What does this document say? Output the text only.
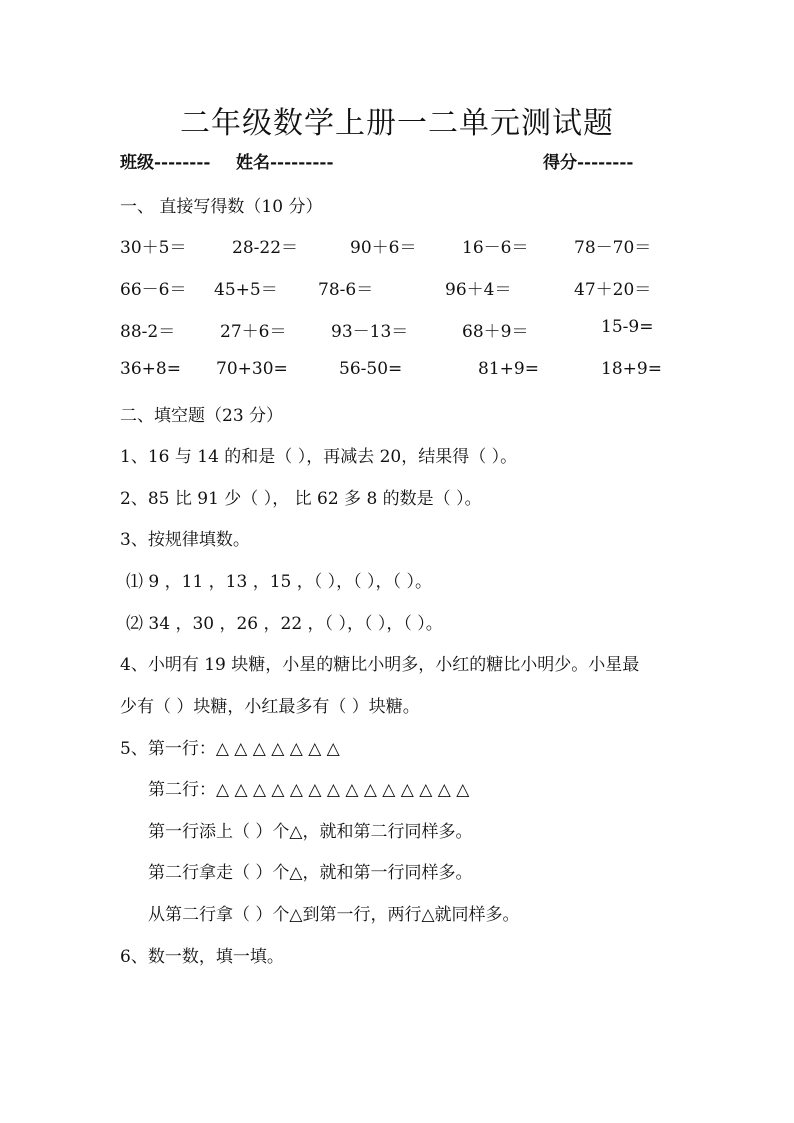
二年级数学上册一二单元测试题
班级-------- 姓名---------	得分--------
一、 直接写得数（10 分）
30＋5＝	28-22＝	90＋6＝	16－6＝	78－70＝
66－6＝ 45+5＝ 78-6＝	96＋4＝	47＋20＝
88-2＝	27＋6＝	93－13＝	68＋9＝	15-9=
36+8= 70+30=	56-50=	81+9=	18+9=
二、填空题（23 分）
1、16 与 14 的和是（ ），再减去 20，结果得（ ）。
2、85 比 91 少（ ）， 比 62 多 8 的数是（ ）。
3、按规律填数。
⑴ 9 ，11 ，13 ，15 ，（ ），（ ），（ ）。
⑵ 34 ，30 ，26 ，22 ，（ ），（ ），（ ）。
4、小明有 19 块糖，小星的糖比小明多，小红的糖比小明少。小星最
少有（ ）块糖，小红最多有（ ）块糖。
5、第一行：△ △ △ △ △ △ △
第二行：△ △ △ △ △ △ △ △ △ △ △ △ △ △
第一行添上（ ）个△，就和第二行同样多。
第二行拿走（ ）个△，就和第一行同样多。
从第二行拿（ ）个△到第一行，两行△就同样多。
6、数一数，填一填。
